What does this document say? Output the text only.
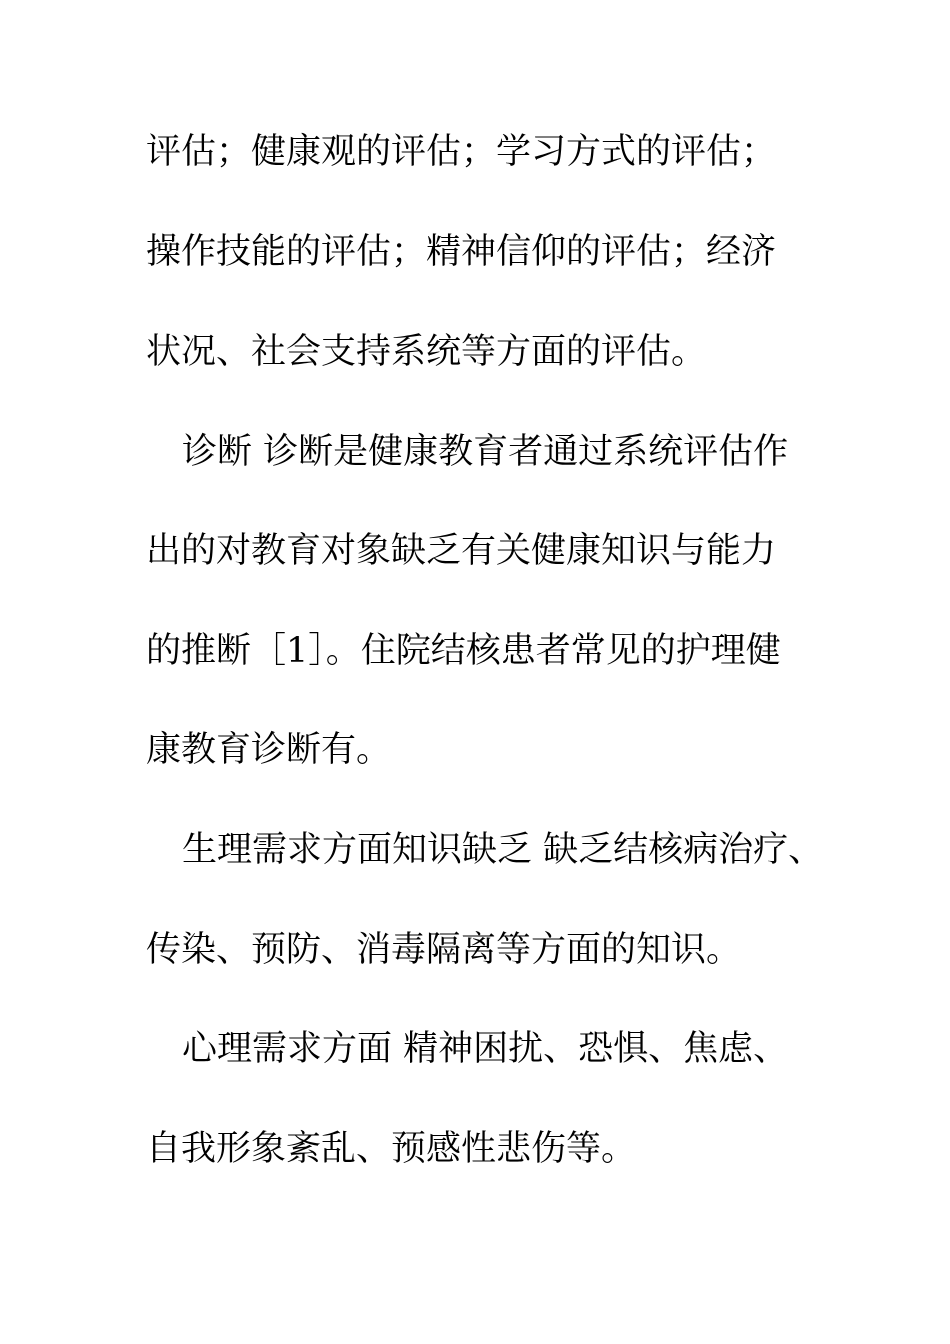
评估；健康观的评估；学习方式的评估；

操作技能的评估；精神信仰的评估；经济

状况、社会支持系统等方面的评估。

诊断 诊断是健康教育者通过系统评估作

出的对教育对象缺乏有关健康知识与能力

的推断［1］。住院结核患者常见的护理健

康教育诊断有。

生理需求方面知识缺乏 缺乏结核病治疗、

传染、预防、消毒隔离等方面的知识。

心理需求方面 精神困扰、恐惧、焦虑、

自我形象紊乱、预感性悲伤等。
